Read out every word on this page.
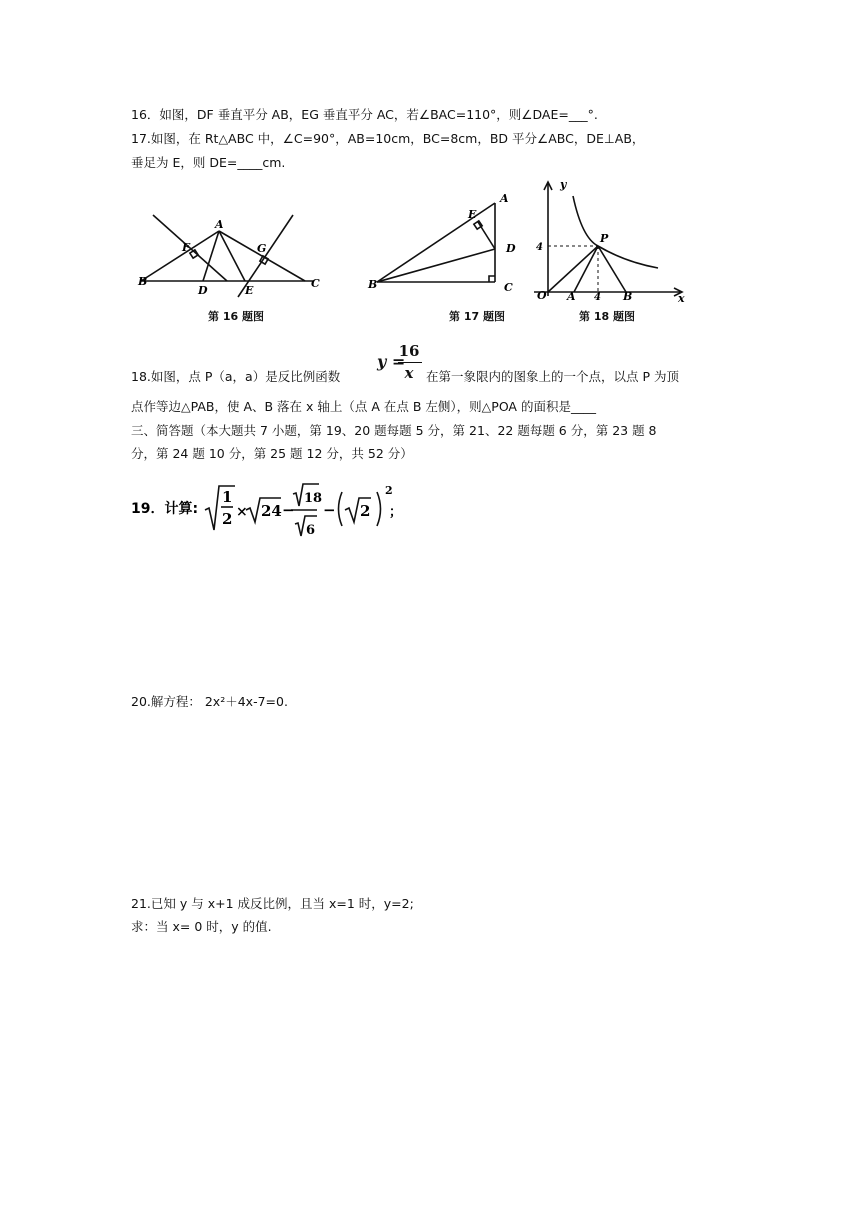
16．如图，DF 垂直平分 AB，EG 垂直平分 AC，若∠BAC=110°，则∠DAE=___°.
17.如图，在 Rt△ABC 中，∠C=90°，AB=10cm，BC=8cm，BD 平分∠ABC，DE⊥AB，
垂足为 E，则 DE=____cm.
A
B	C
D	E
F	G
第 16 题图
A
B	C
D
E
第 17 题图
y
x
O A	B
P
4
4
第 18 题图
y =
16
x
18.如图，点 P（a，a）是反比例函数	在第一象限内的图象上的一个点，以点 P 为顶
点作等边△PAB，使 A、B 落在 x 轴上（点 A 在点 B 左侧），则△POA 的面积是____
三、简答题（本大题共 7 小题，第 19、20 题每题 5 分，第 21、22 题每题 6 分，第 23 题 8
分，第 24 题 10 分，第 25 题 12 分，共 52 分）
19．计算:
1
2 × 24 −
18
6
− 2
2
；
20.解方程： 2x²＋4x-7=0.
21.已知 y 与 x+1 成反比例，且当 x=1 时，y=2;
求：当 x= 0 时，y 的值.
